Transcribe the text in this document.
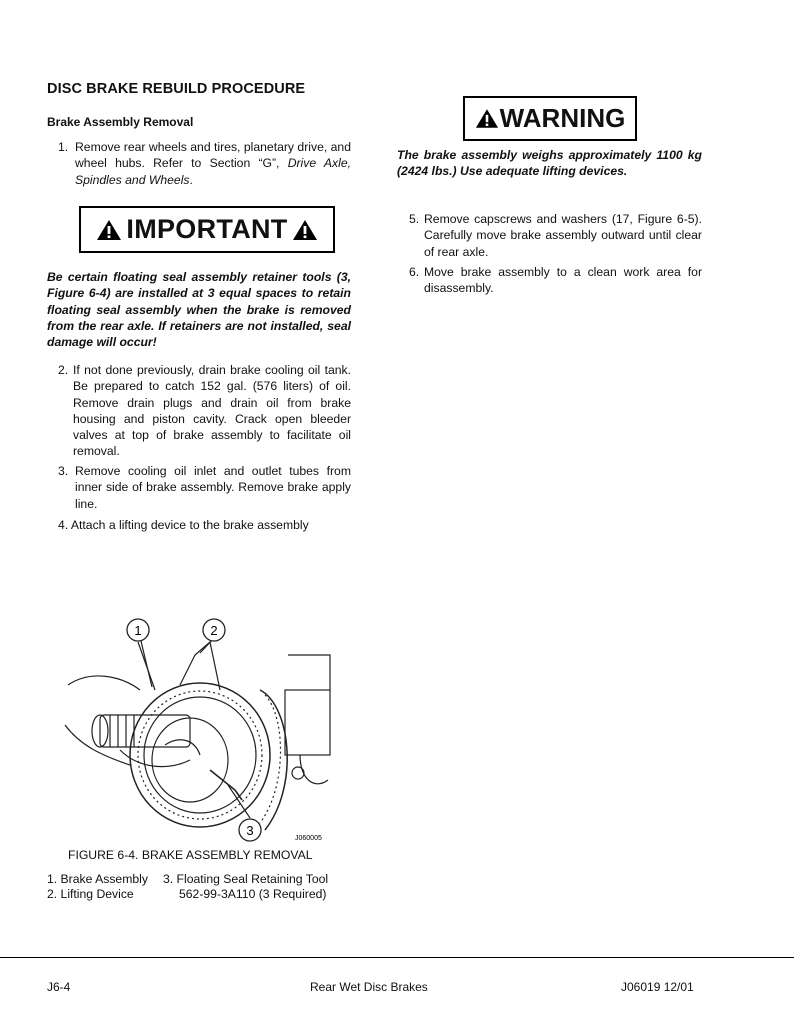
DISC BRAKE REBUILD PROCEDURE
Brake Assembly Removal
1. Remove rear wheels and tires, planetary drive, and wheel hubs. Refer to Section “G”, Drive Axle, Spindles and Wheels.
IMPORTANT
Be certain floating seal assembly retainer tools (3, Figure 6-4) are installed at 3 equal spaces to retain floating seal assembly when the brake is removed from the rear axle. If retainers are not installed, seal damage will occur!
2. If not done previously, drain brake cooling oil tank. Be prepared to catch 152 gal. (576 liters) of oil. Remove drain plugs and drain oil from brake housing and piston cavity. Crack open bleeder valves at top of brake assembly to facilitate oil removal.
3. Remove cooling oil inlet and outlet tubes from inner side of brake assembly. Remove brake apply line.
4. Attach a lifting device to the brake assembly
WARNING
The brake assembly weighs approximately 1100 kg (2424 lbs.) Use adequate lifting devices.
5. Remove capscrews and washers (17, Figure 6-5). Carefully move brake assembly outward until clear of rear axle.
6. Move brake assembly to a clean work area for disassembly.
1	2
3
J060005
FIGURE 6-4. BRAKE ASSEMBLY REMOVAL
1. Brake Assembly
2. Lifting Device
3. Floating Seal Retaining Tool
562-99-3A110 (3 Required)
J6-4	Rear Wet Disc Brakes	J06019 12/01
